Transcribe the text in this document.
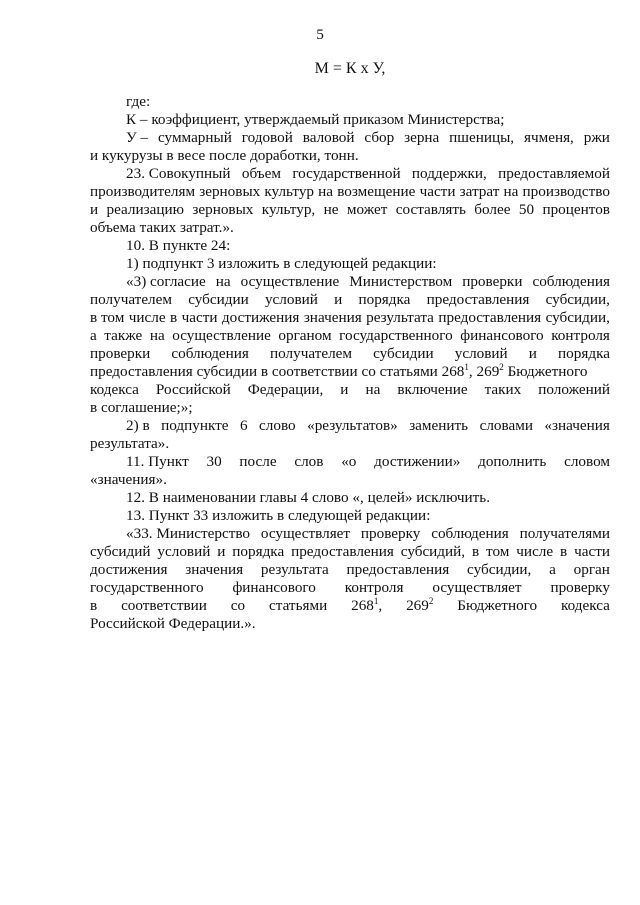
5
М = К х У,
где:
К – коэффициент, утверждаемый приказом Министерства;
У – суммарный годовой валовой сбор зерна пшеницы, ячменя, ржи
и кукурузы в весе после доработки, тонн.
23. Совокупный объем государственной поддержки, предоставляемой
производителям зерновых культур на возмещение части затрат на производство
и реализацию зерновых культур, не может составлять более 50 процентов
объема таких затрат.».
10. В пункте 24:
1) подпункт 3 изложить в следующей редакции:
«3) согласие на осуществление Министерством проверки соблюдения
получателем субсидии условий и порядка предоставления субсидии,
в том числе в части достижения значения результата предоставления субсидии,
а также на осуществление органом государственного финансового контроля
проверки соблюдения получателем субсидии условий и порядка
предоставления субсидии в соответствии со статьями $268^1$, $269^2$ Бюджетного
кодекса Российской Федерации, и на включение таких положений
в соглашение;»;
2) в подпункте 6 слово «результатов» заменить словами «значения
результата».
11. Пункт 30 после слов «о достижении» дополнить словом
«значения».
12. В наименовании главы 4 слово «, целей» исключить.
13. Пункт 33 изложить в следующей редакции:
«33. Министерство осуществляет проверку соблюдения получателями
субсидий условий и порядка предоставления субсидий, в том числе в части
достижения значения результата предоставления субсидии, а орган
государственного финансового контроля осуществляет проверку
в соответствии со статьями $268^1$, $269^2$ Бюджетного кодекса
Российской Федерации.».
